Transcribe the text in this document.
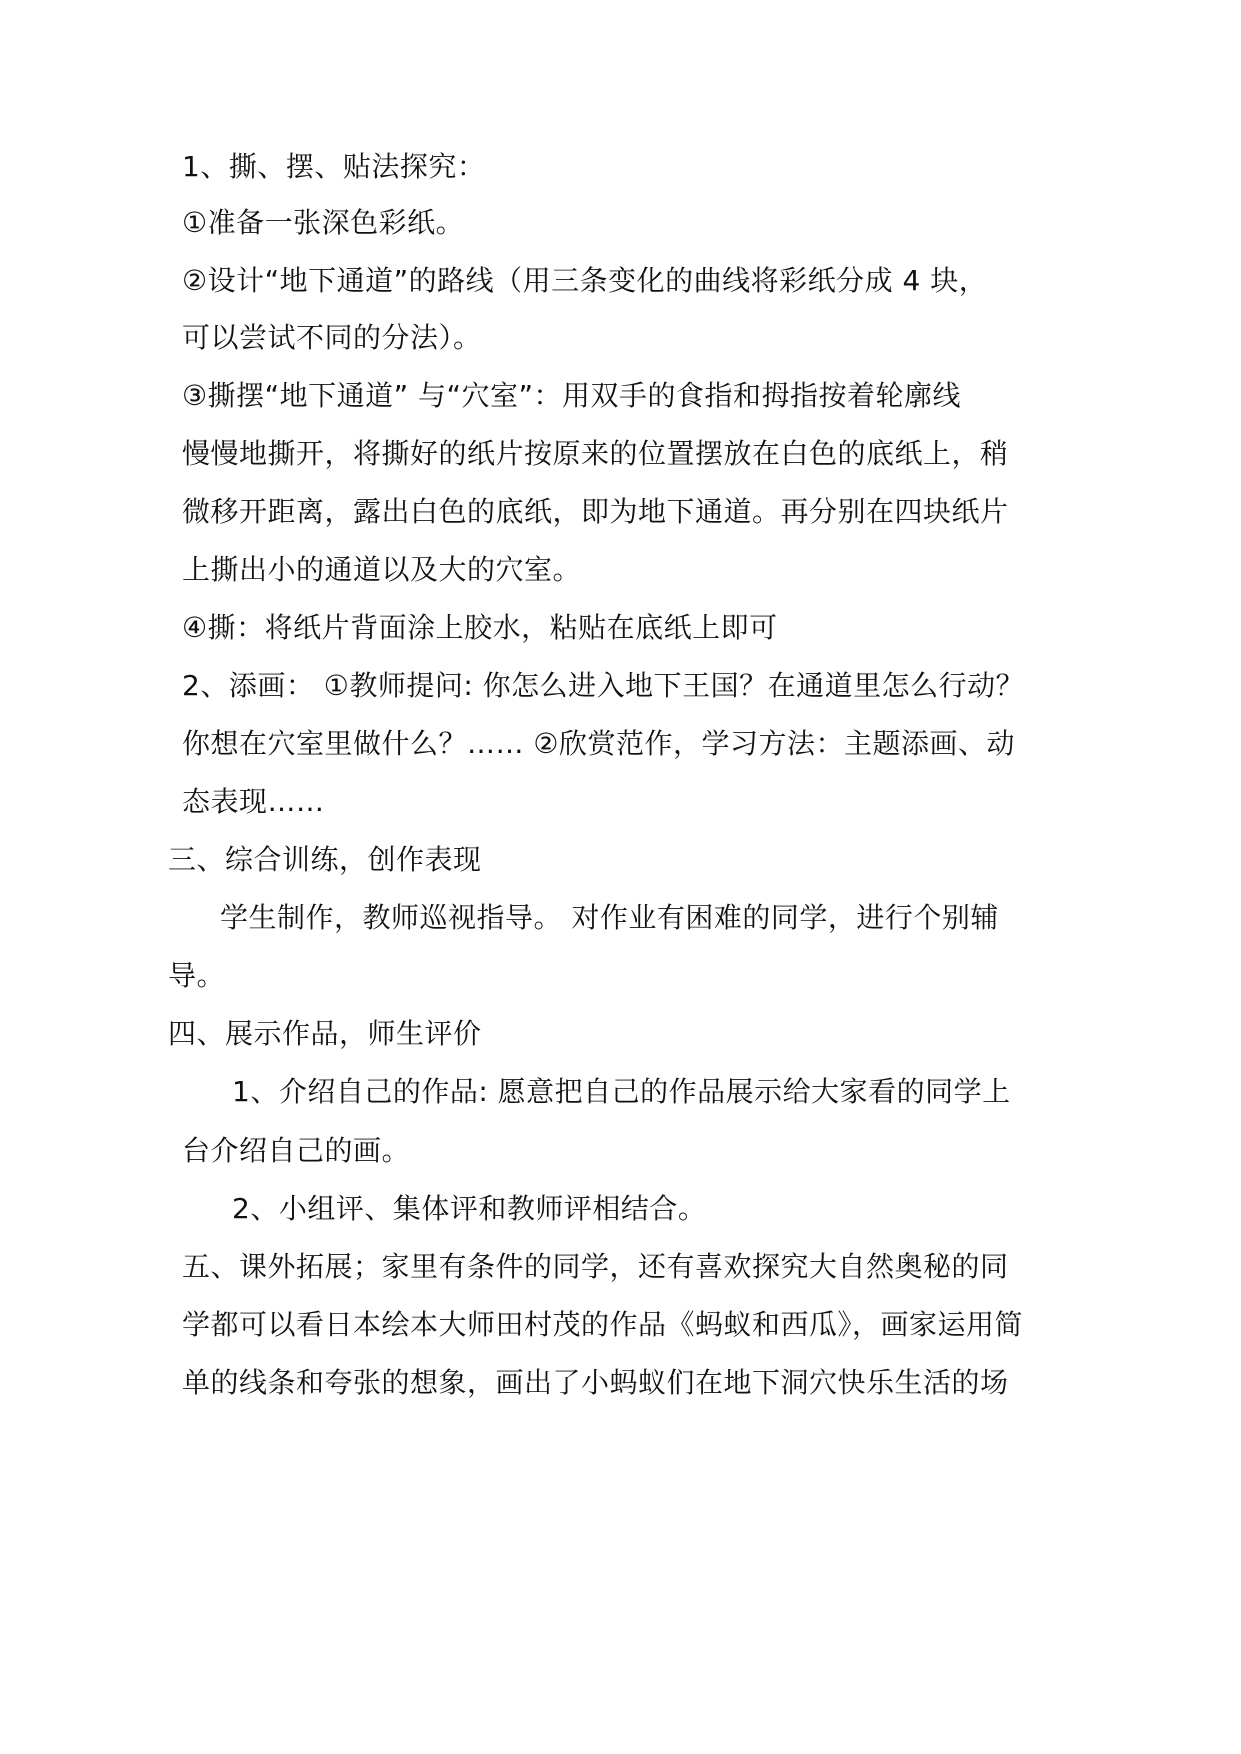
1、撕、摆、贴法探究：
①准备一张深色彩纸。
②设计“地下通道”的路线（用三条变化的曲线将彩纸分成 4 块，
可以尝试不同的分法）。
③撕摆“地下通道” 与“穴室”：用双手的食指和拇指按着轮廓线
慢慢地撕开，将撕好的纸片按原来的位置摆放在白色的底纸上，稍
微移开距离，露出白色的底纸，即为地下通道。再分别在四块纸片
上撕出小的通道以及大的穴室。
④撕：将纸片背面涂上胶水，粘贴在底纸上即可
2、添画： ①教师提问: 你怎么进入地下王国？在通道里怎么行动？
你想在穴室里做什么？…… ②欣赏范作，学习方法：主题添画、动
态表现……
三、综合训练，创作表现
学生制作，教师巡视指导。 对作业有困难的同学，进行个别辅
导。
四、展示作品，师生评价
1、介绍自己的作品: 愿意把自己的作品展示给大家看的同学上
台介绍自己的画。
2、小组评、集体评和教师评相结合。
五、课外拓展；家里有条件的同学，还有喜欢探究大自然奥秘的同
学都可以看日本绘本大师田村茂的作品《蚂蚁和西瓜》，画家运用简
单的线条和夸张的想象，画出了小蚂蚁们在地下洞穴快乐生活的场
